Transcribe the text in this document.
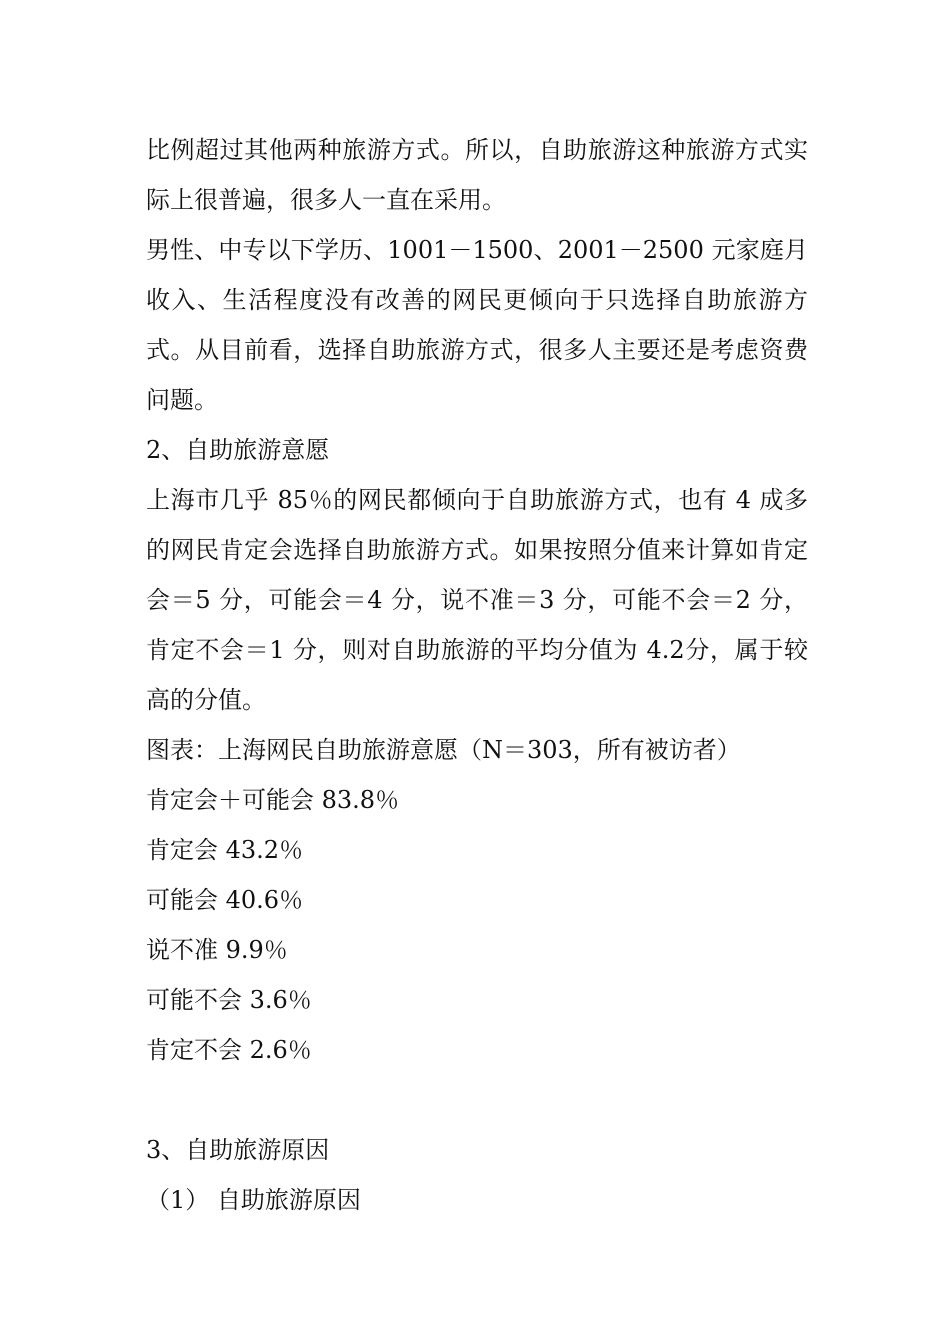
比例超过其他两种旅游方式。所以，自助旅游这种旅游方式实际上很普遍，很多人一直在采用。

男性、中专以下学历、1001－1500、2001－2500 元家庭月收入、生活程度没有改善的网民更倾向于只选择自助旅游方式。从目前看，选择自助旅游方式，很多人主要还是考虑资费问题。

2、自助旅游意愿

上海市几乎 85％的网民都倾向于自助旅游方式，也有 4 成多的网民肯定会选择自助旅游方式。如果按照分值来计算如肯定会＝5 分，可能会＝4 分，说不准＝3 分，可能不会＝2 分，肯定不会＝1 分，则对自助旅游的平均分值为 4.2分，属于较高的分值。

图表：上海网民自助旅游意愿（N＝303，所有被访者）

肯定会＋可能会 83.8％

肯定会 43.2％

可能会 40.6％

说不准 9.9％

可能不会 3.6％

肯定不会 2.6％

3、自助旅游原因

（1） 自助旅游原因
